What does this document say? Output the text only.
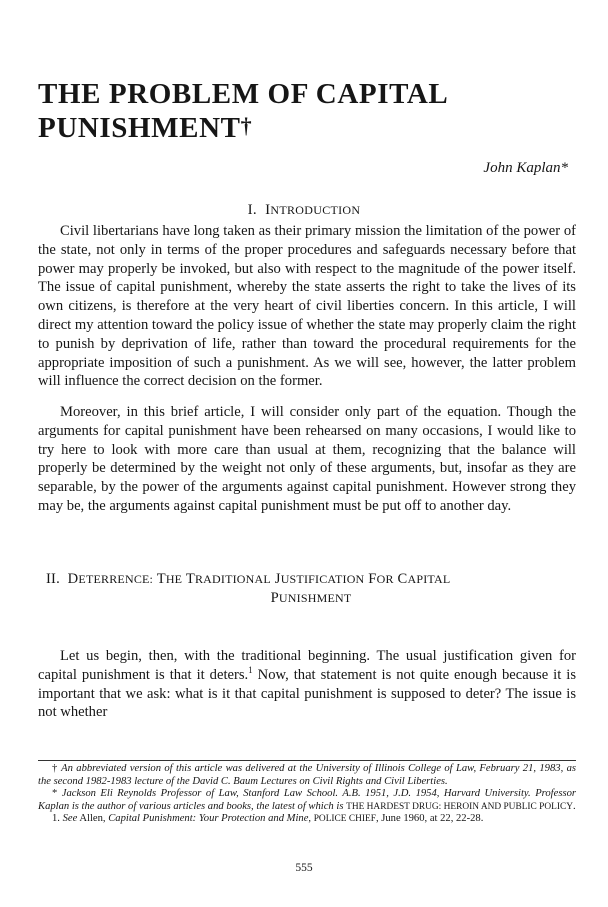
THE PROBLEM OF CAPITAL
PUNISHMENT†
John Kaplan*
I. INTRODUCTION

Civil libertarians have long taken as their primary mission the limitation of the power of the state, not only in terms of the proper procedures and safeguards necessary before that power may properly be invoked, but also with respect to the magnitude of the power itself. The issue of capital punishment, whereby the state asserts the right to take the lives of its own citizens, is therefore at the very heart of civil liberties concern. In this article, I will direct my attention toward the policy issue of whether the state may properly claim the right to punish by deprivation of life, rather than toward the procedural requirements for the appropriate imposition of such a punishment. As we will see, however, the latter problem will influence the correct decision on the former.

Moreover, in this brief article, I will consider only part of the equation. Though the arguments for capital punishment have been rehearsed on many occasions, I would like to try here to look with more care than usual at them, recognizing that the balance will properly be determined by the weight not only of these arguments, but, insofar as they are separable, by the power of the arguments against capital punishment. However strong they may be, the arguments against capital punishment must be put off to another day.

II. DETERRENCE: THE TRADITIONAL JUSTIFICATION FOR CAPITAL
PUNISHMENT

Let us begin, then, with the traditional beginning. The usual justification given for capital punishment is that it deters.$^1$ Now, that statement is not quite enough because it is important that we ask: what is it that capital punishment is supposed to deter? The issue is not whether

† An abbreviated version of this article was delivered at the University of Illinois College of Law, February 21, 1983, as the second 1982-1983 lecture of the David C. Baum Lectures on Civil Rights and Civil Liberties.

* Jackson Eli Reynolds Professor of Law, Stanford Law School. A.B. 1951, J.D. 1954, Harvard University. Professor Kaplan is the author of various articles and books, the latest of which is THE HARDEST DRUG: HEROIN AND PUBLIC POLICY.

1. See Allen, Capital Punishment: Your Protection and Mine, POLICE CHIEF, June 1960, at 22, 22-28.

555
